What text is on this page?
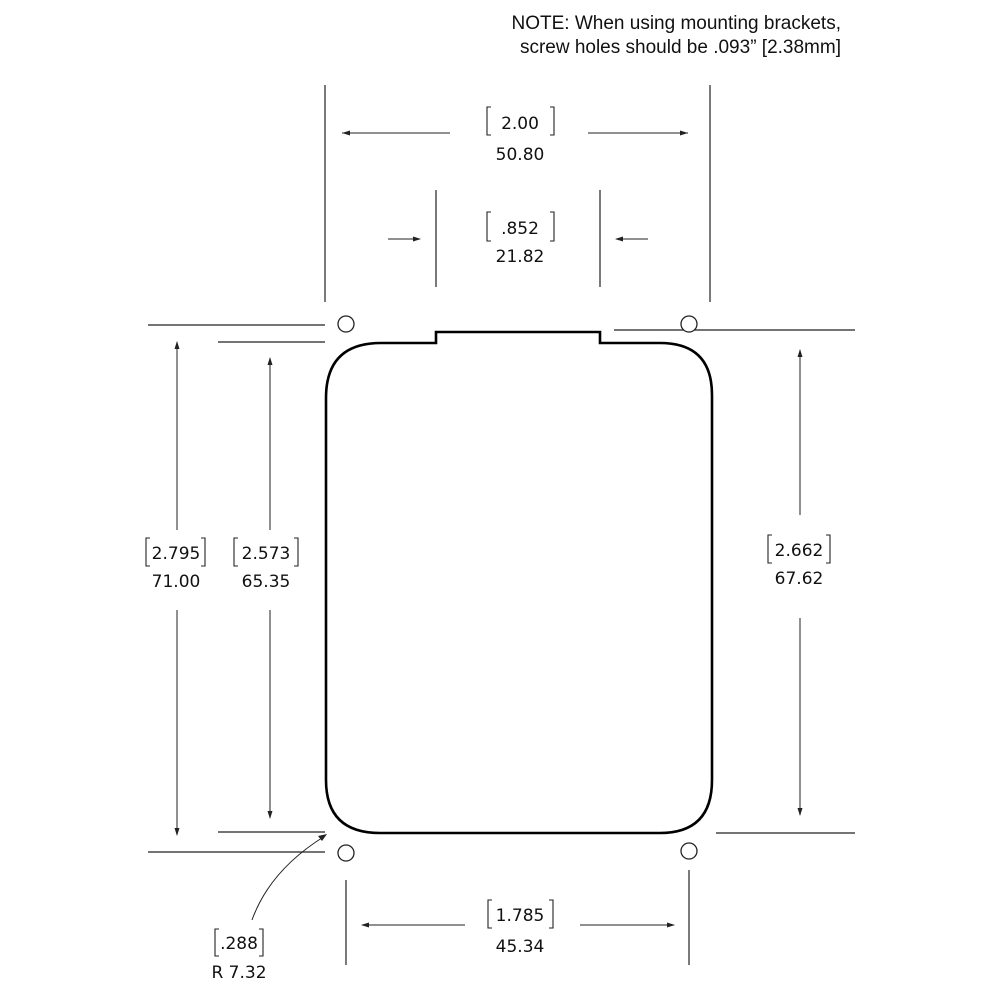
NOTE: When using mounting brackets,
screw holes should be .093” [2.38mm]
2.00
50.80
.852
21.82
2.795
71.00
2.573
65.35
2.662
67.62
1.785
45.34
.288
R 7.32
